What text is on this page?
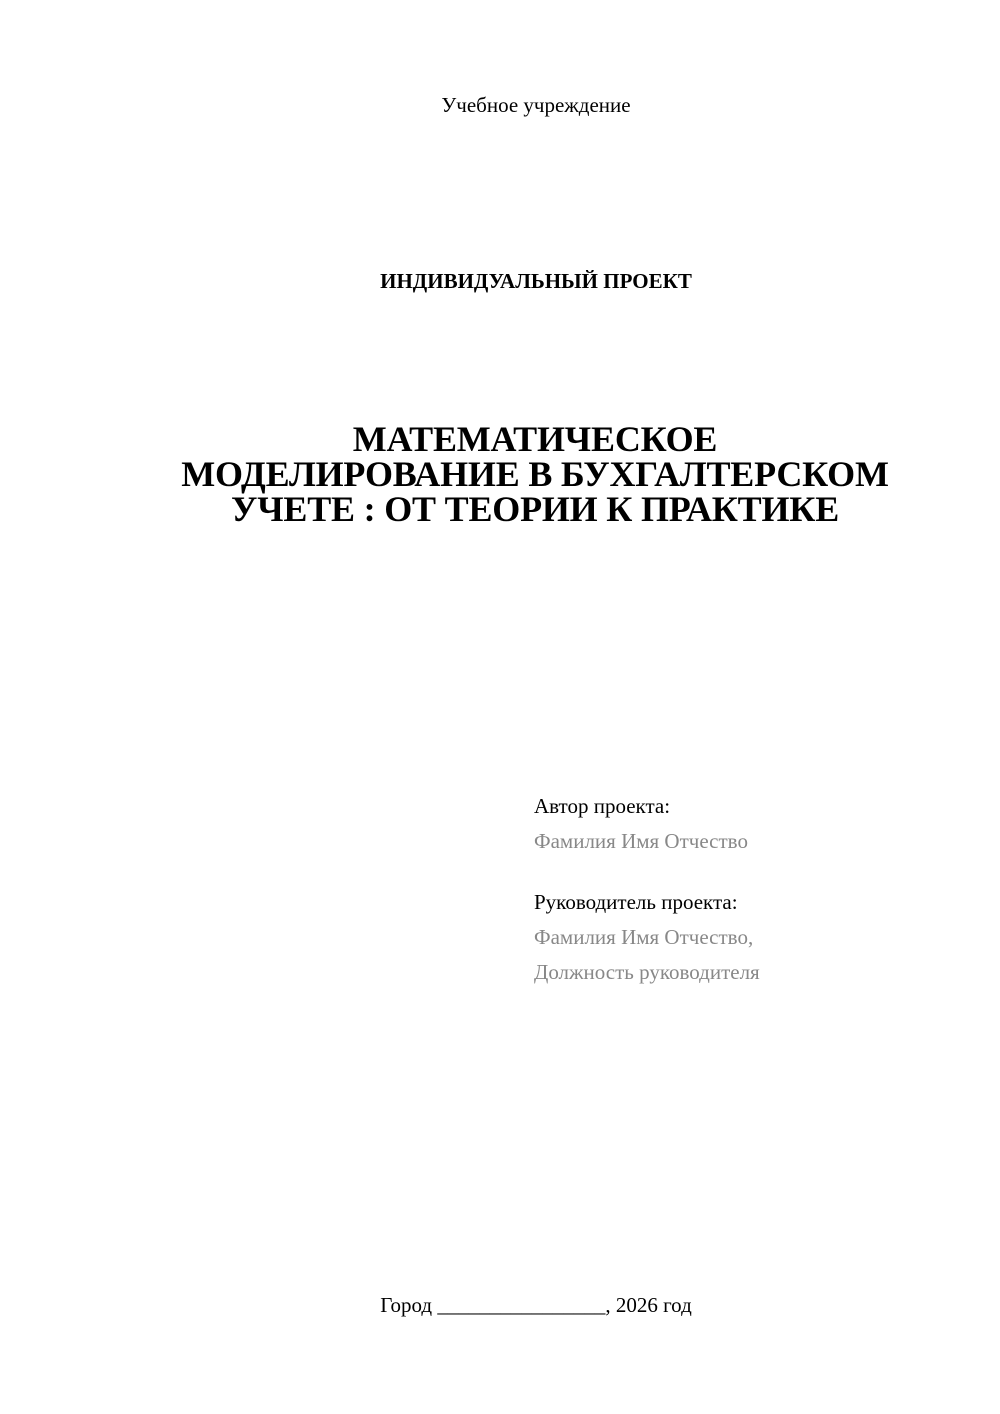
Учебное учреждение
ИНДИВИДУАЛЬНЫЙ ПРОЕКТ
МАТЕМАТИЧЕСКОЕ
МОДЕЛИРОВАНИЕ В БУХГАЛТЕРСКОМ
УЧЕТЕ : ОТ ТЕОРИИ К ПРАКТИКЕ
Автор проекта:
Фамилия Имя Отчество
Руководитель проекта:
Фамилия Имя Отчество,
Должность руководителя
Город ________________, 2026 год
